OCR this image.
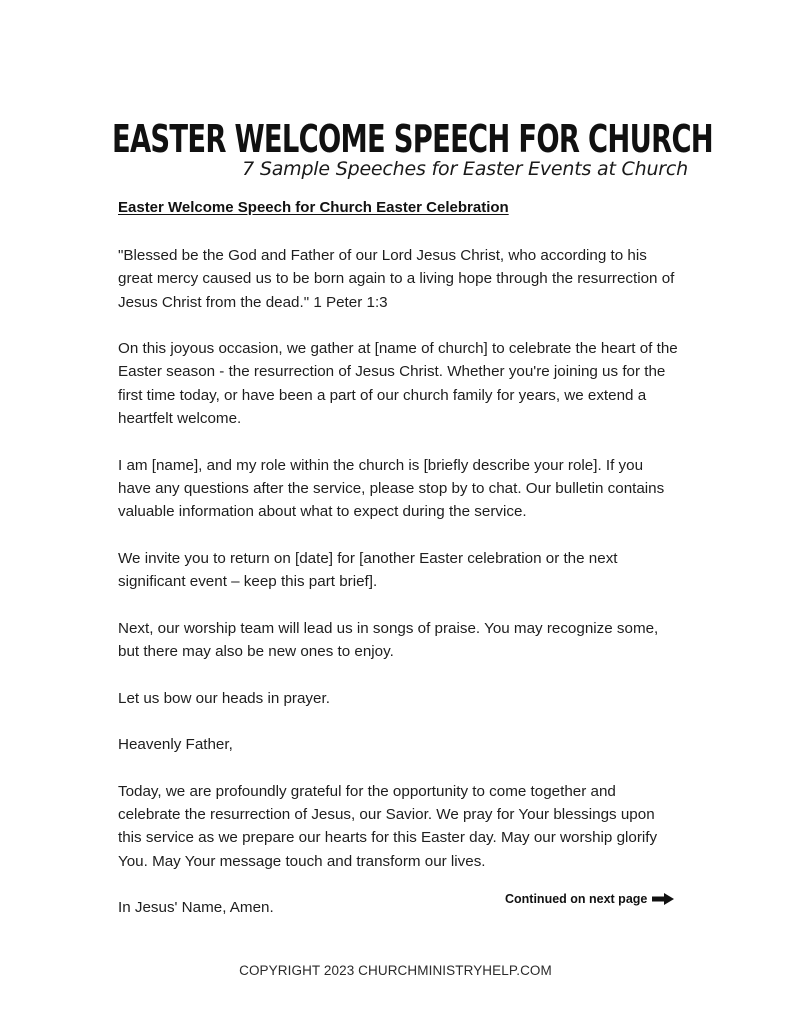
EASTER WELCOME SPEECH FOR CHURCH
7 Sample Speeches for Easter Events at Church
Easter Welcome Speech for Church Easter Celebration

"Blessed be the God and Father of our Lord Jesus Christ, who according to his great mercy caused us to be born again to a living hope through the resurrection of Jesus Christ from the dead." 1 Peter 1:3

On this joyous occasion, we gather at [name of church] to celebrate the heart of the Easter season - the resurrection of Jesus Christ. Whether you're joining us for the first time today, or have been a part of our church family for years, we extend a heartfelt welcome.

I am [name], and my role within the church is [briefly describe your role]. If you have any questions after the service, please stop by to chat. Our bulletin contains valuable information about what to expect during the service.

We invite you to return on [date] for [another Easter celebration or the next significant event – keep this part brief].

Next, our worship team will lead us in songs of praise. You may recognize some, but there may also be new ones to enjoy.

Let us bow our heads in prayer.

Heavenly Father,

Today, we are profoundly grateful for the opportunity to come together and celebrate the resurrection of Jesus, our Savior. We pray for Your blessings upon this service as we prepare our hearts for this Easter day. May our worship glorify You. May Your message touch and transform our lives.

In Jesus' Name, Amen.

Continued on next page
COPYRIGHT 2023 CHURCHMINISTRYHELP.COM
